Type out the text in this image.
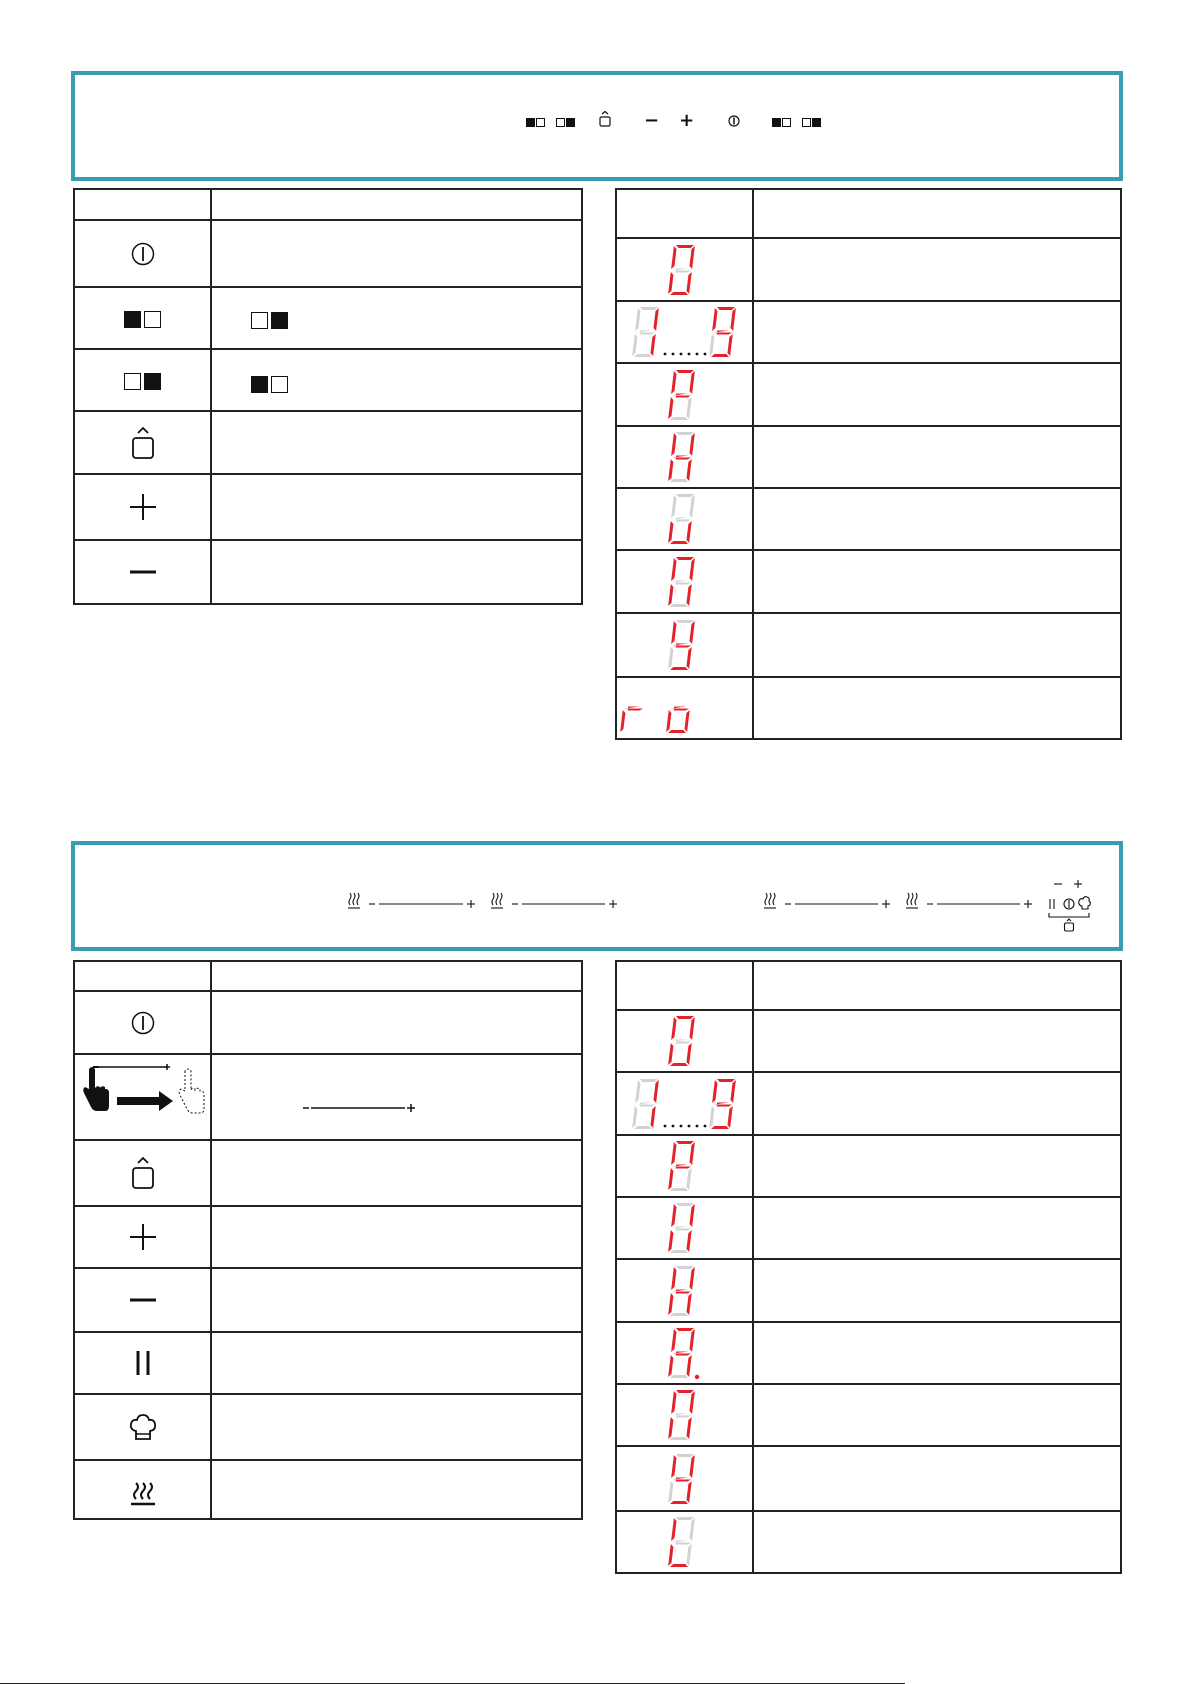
− +
